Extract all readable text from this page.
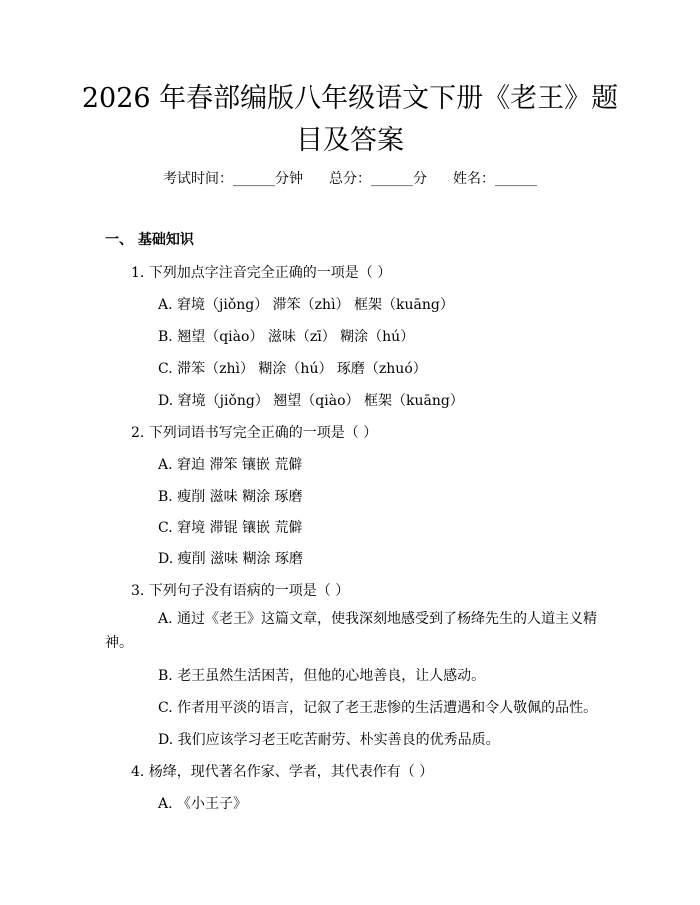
2026 年春部编版八年级语文下册《老王》题目及答案
考试时间：______分钟 总分：______分 姓名：______
一、 基础知识
1. 下列加点字注音完全正确的一项是（ ）
A. 窘境（jiǒng） 滞笨（zhì） 框架（kuāng）
B. 翘望（qiào） 滋味（zī） 糊涂（hú）
C. 滞笨（zhì） 糊涂（hú） 琢磨（zhuó）
D. 窘境（jiǒng） 翘望（qiào） 框架（kuāng）
2. 下列词语书写完全正确的一项是（ ）
A. 窘迫 滞笨 镶嵌 荒僻
B. 瘦削 滋味 糊涂 琢磨
C. 窘境 滞锟 镶嵌 荒僻
D. 瘦削 滋味 糊涂 琢磨
3. 下列句子没有语病的一项是（ ）
A. 通过《老王》这篇文章，使我深刻地感受到了杨绛先生的人道主义精神。
B. 老王虽然生活困苦，但他的心地善良，让人感动。
C. 作者用平淡的语言，记叙了老王悲惨的生活遭遇和令人敬佩的品性。
D. 我们应该学习老王吃苦耐劳、朴实善良的优秀品质。
4. 杨绛，现代著名作家、学者，其代表作有（ ）
A. 《小王子》
